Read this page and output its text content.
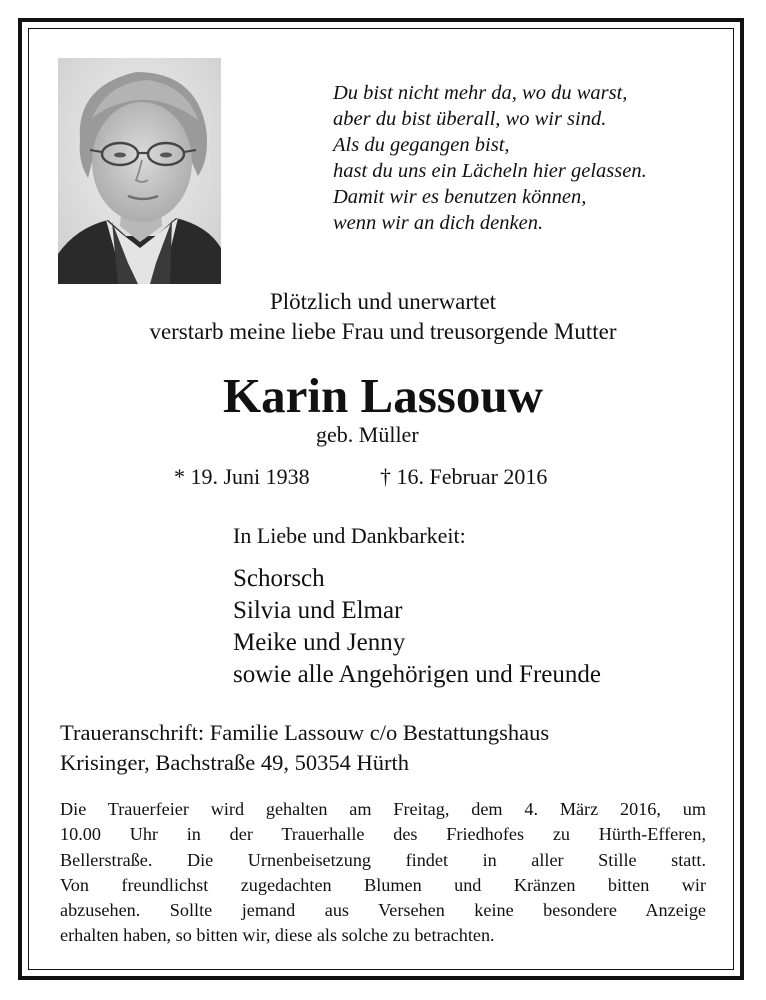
Du bist nicht mehr da, wo du warst,
aber du bist überall, wo wir sind.
Als du gegangen bist,
hast du uns ein Lächeln hier gelassen.
Damit wir es benutzen können,
wenn wir an dich denken.
Plötzlich und unerwartet
verstarb meine liebe Frau und treusorgende Mutter
Karin Lassouw
geb. Müller
* 19. Juni 1938	† 16. Februar 2016
In Liebe und Dankbarkeit:
Schorsch
Silvia und Elmar
Meike und Jenny
sowie alle Angehörigen und Freunde
Traueranschrift: Familie Lassouw c/o Bestattungshaus
Krisinger, Bachstraße 49, 50354 Hürth
Die Trauerfeier wird gehalten am Freitag, dem 4. März 2016, um
10.00 Uhr in der Trauerhalle des Friedhofes zu Hürth-Efferen,
Bellerstraße. Die Urnenbeisetzung findet in aller Stille statt.
Von freundlichst zugedachten Blumen und Kränzen bitten wir
abzusehen. Sollte jemand aus Versehen keine besondere Anzeige
erhalten haben, so bitten wir, diese als solche zu betrachten.
